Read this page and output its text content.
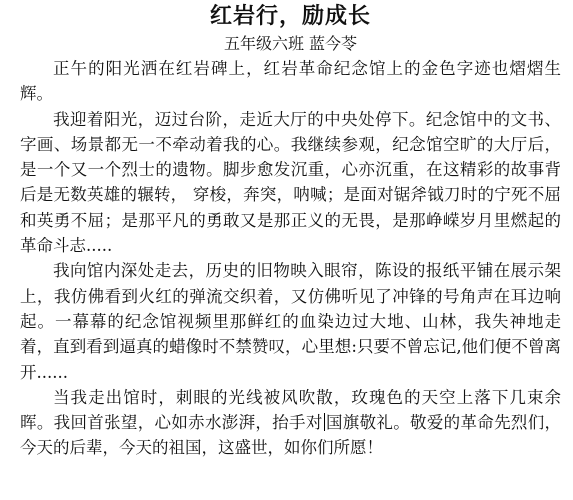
红岩行，励成长

五年级六班 蓝今苓

正午的阳光洒在红岩碑上，红岩革命纪念馆上的金色字迹也熠熠生辉。

我迎着阳光，迈过台阶，走近大厅的中央处停下。纪念馆中的文书、字画、场景都无一不牵动着我的心。我继续参观，纪念馆空旷的大厅后，是一个又一个烈士的遗物。脚步愈发沉重，心亦沉重，在这精彩的故事背后是无数英雄的辗转， 穿梭，奔突，呐喊；是面对锯斧钺刀时的宁死不屈和英勇不屈；是那平凡的勇敢又是那正义的无畏，是那峥嵘岁月里燃起的革命斗志.....

我向馆内深处走去，历史的旧物映入眼帘，陈设的报纸平铺在展示架上，我仿佛看到火红的弹流交织着，又仿佛听见了冲锋的号角声在耳边响起。一幕幕的纪念馆视频里那鲜红的血染边过大地、山林，我失神地走着，直到看到逼真的蜡像时不禁赞叹，心里想:只要不曾忘记,他们便不曾离开......

当我走出馆时，刺眼的光线被风吹散，玫瑰色的天空上落下几束余晖。我回首张望，心如赤水澎湃，抬手对 国旗敬礼。敬爱的革命先烈们，今天的后辈，今天的祖国，这盛世，如你们所愿！
